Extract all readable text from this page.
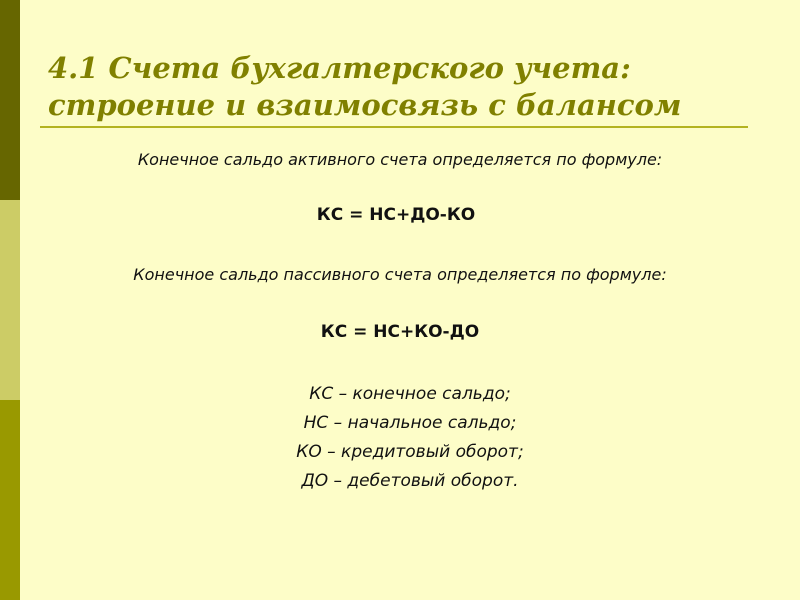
4.1 Счета бухгалтерского учета:
строение и взаимосвязь с балансом

Конечное сальдо активного счета определяется по формуле:

КС = НС+ДО-КО

Конечное сальдо пассивного счета определяется по формуле:

КС = НС+КО-ДО

КС – конечное сальдо;
НС – начальное сальдо;
КО – кредитовый оборот;
ДО – дебетовый оборот.
